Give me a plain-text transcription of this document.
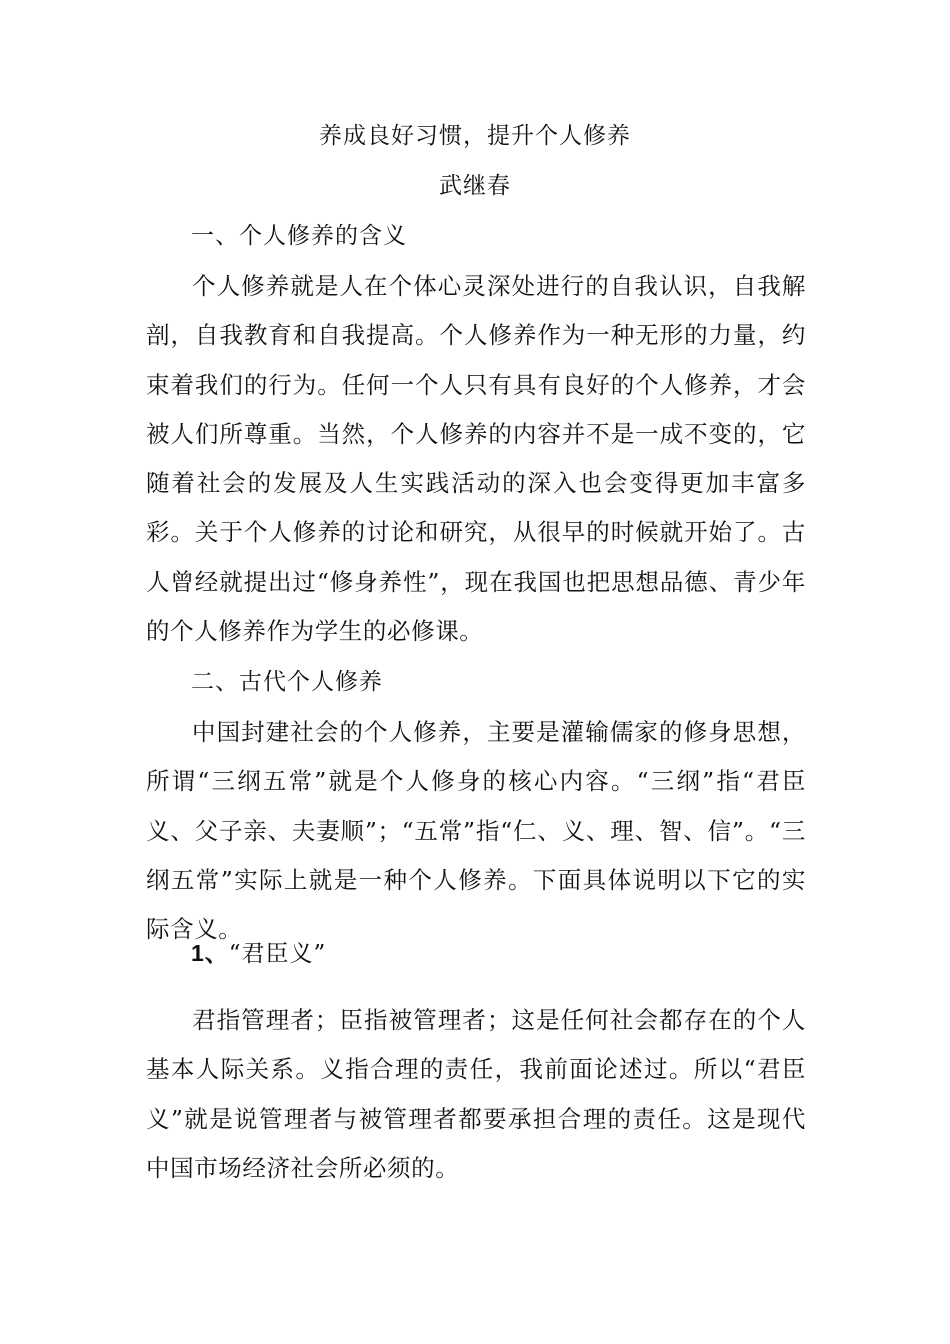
养成良好习惯，提升个人修养
武继春
一、个人修养的含义

个人修养就是人在个体心灵深处进行的自我认识，自我解剖，自我教育和自我提高。个人修养作为一种无形的力量，约束着我们的行为。任何一个人只有具有良好的个人修养，才会被人们所尊重。当然，个人修养的内容并不是一成不变的，它随着社会的发展及人生实践活动的深入也会变得更加丰富多彩。关于个人修养的讨论和研究，从很早的时候就开始了。古人曾经就提出过“修身养性”，现在我国也把思想品德、青少年的个人修养作为学生的必修课。

二、古代个人修养

中国封建社会的个人修养，主要是灌输儒家的修身思想，所谓“三纲五常”就是个人修身的核心内容。“三纲”指“君臣义、父子亲、夫妻顺”；“五常”指“仁、义、理、智、信”。“三纲五常”实际上就是一种个人修养。下面具体说明以下它的实际含义。

1、“君臣义”

君指管理者；臣指被管理者；这是任何社会都存在的个人基本人际关系。义指合理的责任，我前面论述过。所以“君臣义”就是说管理者与被管理者都要承担合理的责任。这是现代中国市场经济社会所必须的。
